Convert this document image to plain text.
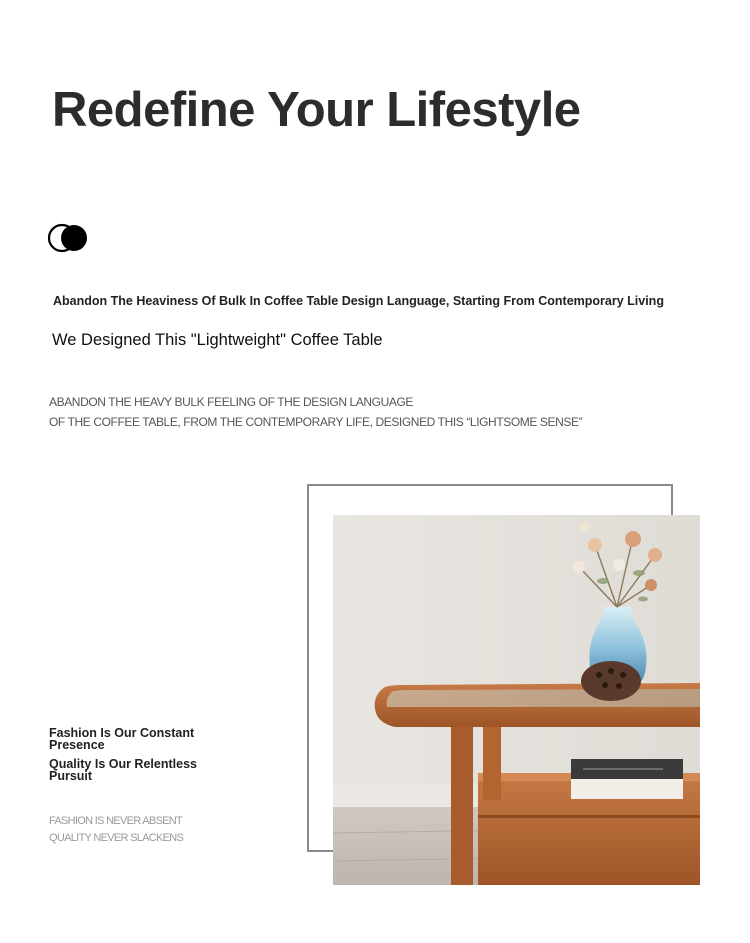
Redefine Your Lifestyle
Abandon The Heaviness Of Bulk In Coffee Table Design Language, Starting From Contemporary Living
We Designed This "Lightweight" Coffee Table
ABANDON THE HEAVY BULK FEELING OF THE DESIGN LANGUAGE
OF THE COFFEE TABLE, FROM THE CONTEMPORARY LIFE, DESIGNED THIS “LIGHTSOME SENSE”
Fashion Is Our Constant Presence
Quality Is Our Relentless Pursuit
FASHION IS NEVER ABSENT
QUALITY NEVER SLACKENS
